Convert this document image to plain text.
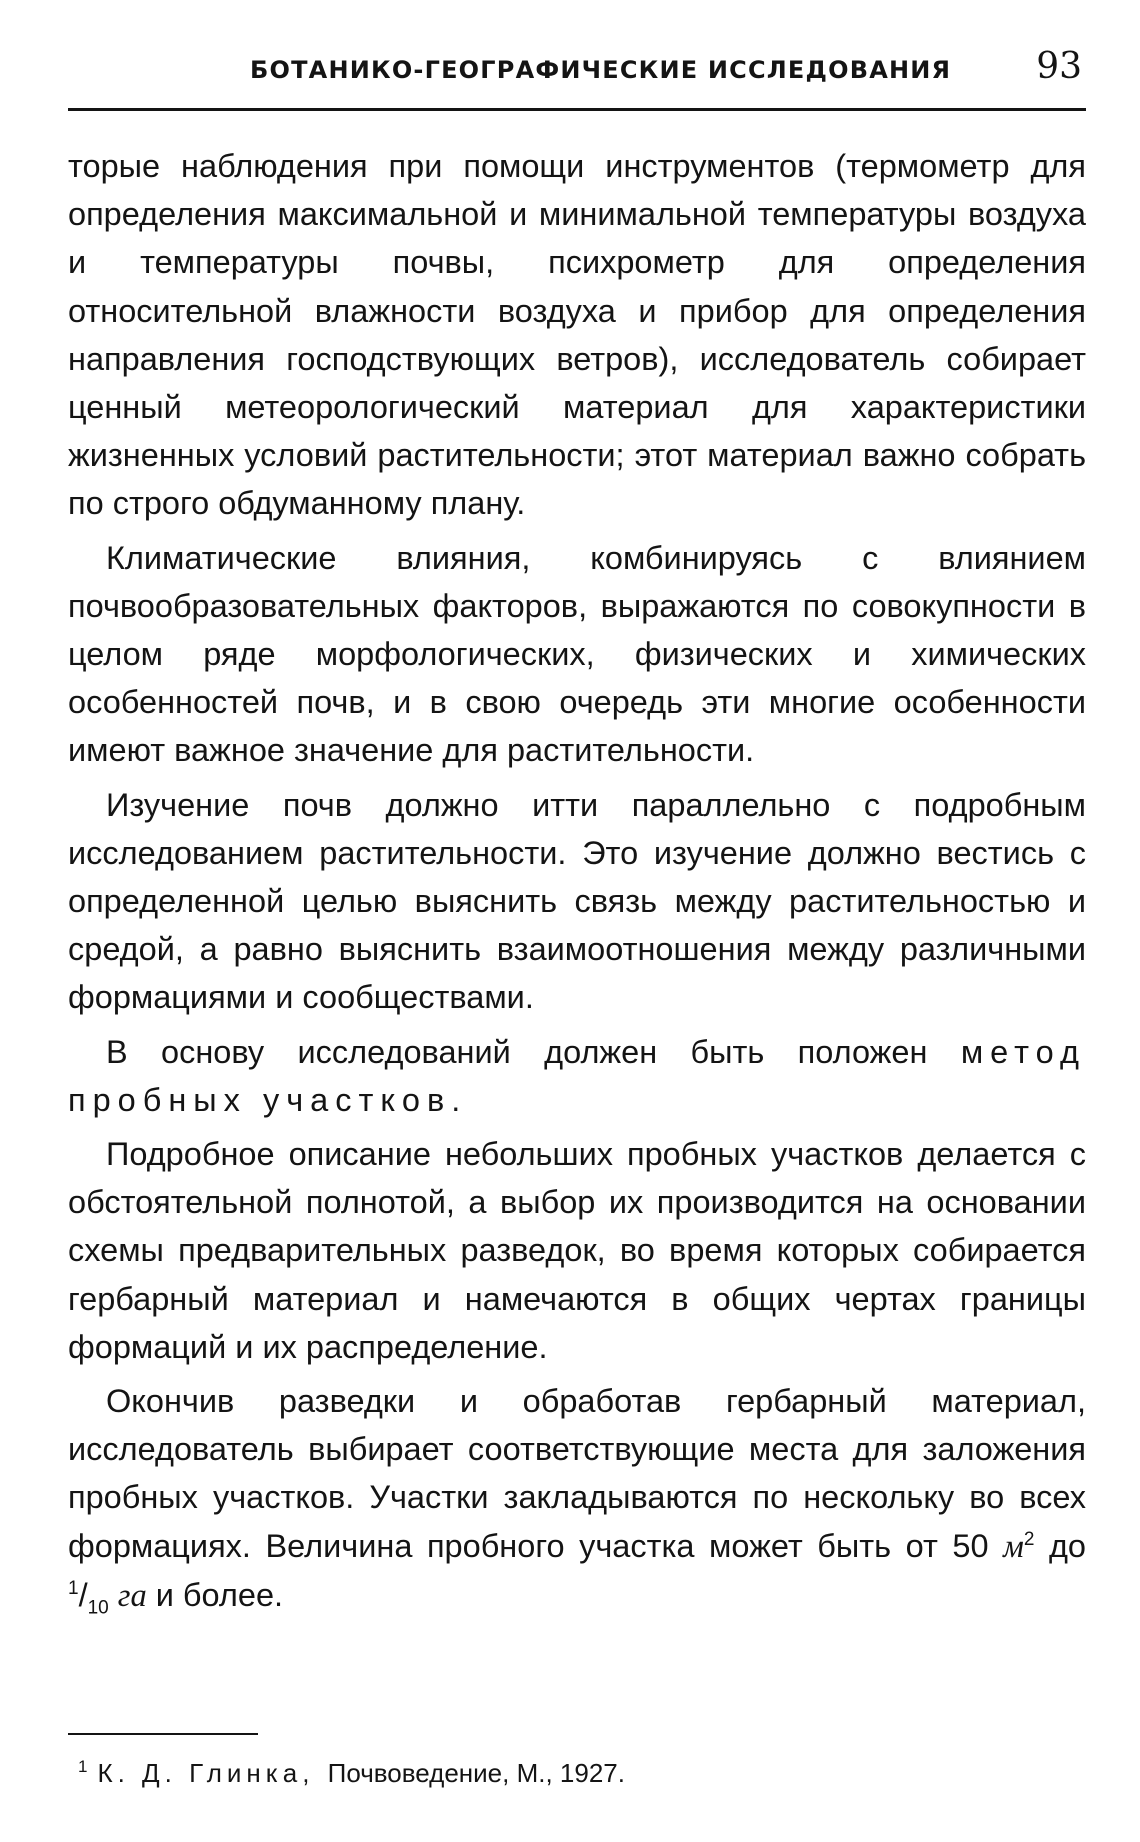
БОТАНИКО-ГЕОГРАФИЧЕСКИЕ ИССЛЕДОВАНИЯ 93

торые наблюдения при помощи инструментов (термометр для определения максимальной и минимальной температуры воздуха и температуры почвы, психрометр для определения относительной влажности воздуха и прибор для определения направления господствующих ветров), исследователь собирает ценный метеорологический материал для характеристики жизненных условий растительности; этот материал важно собрать по строго обдуманному плану.

Климатические влияния, комбинируясь с влиянием почвообразовательных факторов, выражаются по совокупности в целом ряде морфологических, физических и химических особенностей почв, и в свою очередь эти многие особенности имеют важное значение для растительности.

Изучение почв должно итти параллельно с подробным исследованием растительности. Это изучение должно вестись с определенной целью выяснить связь между растительностью и средой, а равно выяснить взаимоотношения между различными формациями и сообществами.

В основу исследований должен быть положен метод пробных участков.

Подробное описание небольших пробных участков делается с обстоятельной полнотой, а выбор их производится на основании схемы предварительных разведок, во время которых собирается гербарный материал и намечаются в общих чертах границы формаций и их распределение.

Окончив разведки и обработав гербарный материал, исследователь выбирает соответствующие места для заложения пробных участков. Участки закладываются по нескольку во всех формациях. Величина пробного участка может быть от 50 $м^2$ до $^1/_{10}$ га и более.

$^1$ К. Д. Глинка, Почвоведение, М., 1927.
